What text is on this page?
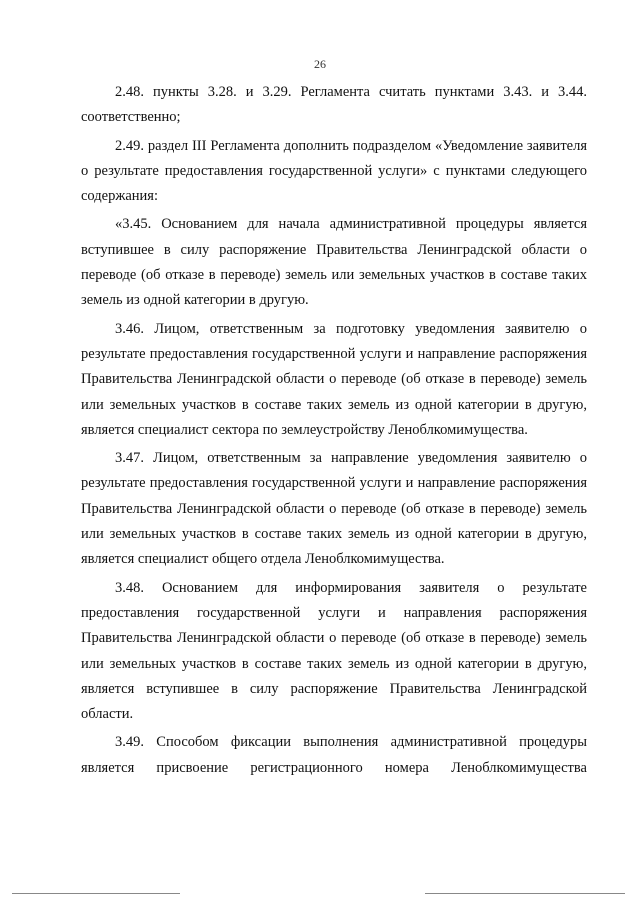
26

2.48. пункты 3.28. и 3.29. Регламента считать пунктами 3.43. и 3.44. соответственно;

2.49. раздел III Регламента дополнить подразделом «Уведомление заявителя о результате предоставления государственной услуги» с пунктами следующего содержания:

«3.45. Основанием для начала административной процедуры является вступившее в силу распоряжение Правительства Ленинградской области о переводе (об отказе в переводе) земель или земельных участков в составе таких земель из одной категории в другую.

3.46. Лицом, ответственным за подготовку уведомления заявителю о результате предоставления государственной услуги и направление распоряжения Правительства Ленинградской области о переводе (об отказе в переводе) земель или земельных участков в составе таких земель из одной категории в другую, является специалист сектора по землеустройству Леноблкомимущества.

3.47. Лицом, ответственным за направление уведомления заявителю о результате предоставления государственной услуги и направление распоряжения Правительства Ленинградской области о переводе (об отказе в переводе) земель или земельных участков в составе таких земель из одной категории в другую, является специалист общего отдела Леноблкомимущества.

3.48. Основанием для информирования заявителя о результате предоставления государственной услуги и направления распоряжения Правительства Ленинградской области о переводе (об отказе в переводе) земель или земельных участков в составе таких земель из одной категории в другую, является вступившее в силу распоряжение Правительства Ленинградской области.

3.49. Способом фиксации выполнения административной процедуры является присвоение регистрационного номера Леноблкомимущества
